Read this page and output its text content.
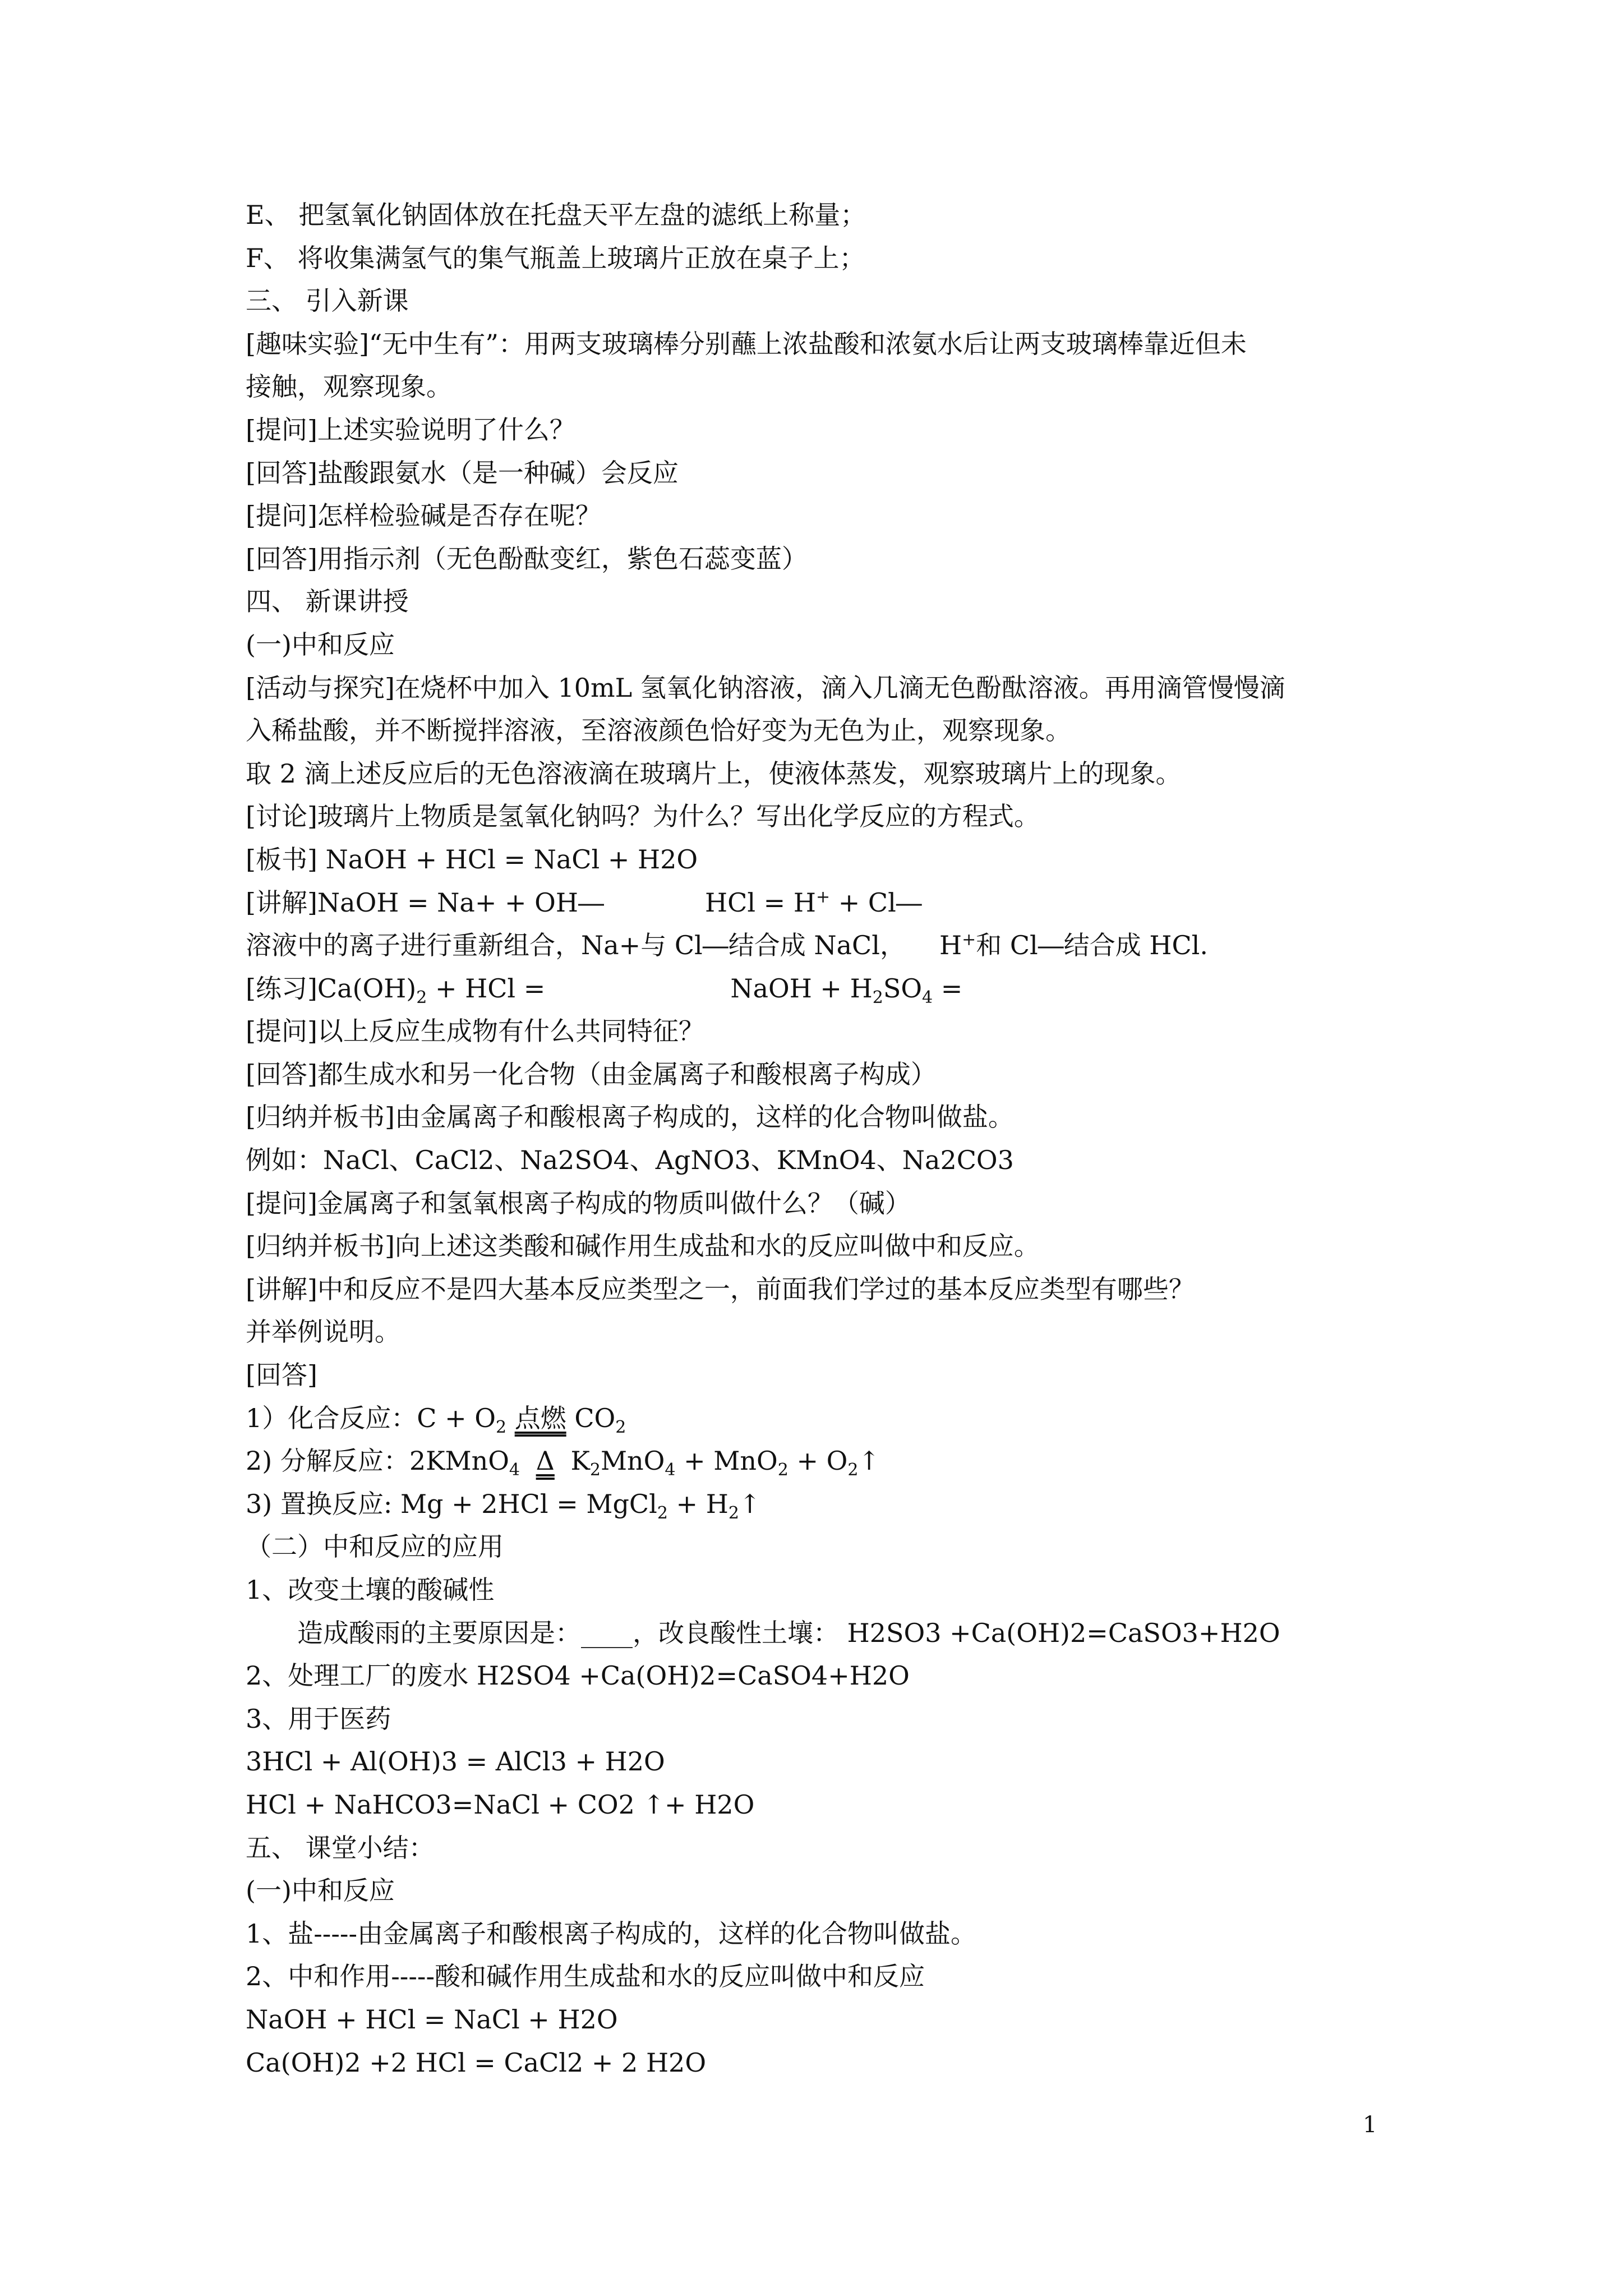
E、 把氢氧化钠固体放在托盘天平左盘的滤纸上称量；
F、 将收集满氢气的集气瓶盖上玻璃片正放在桌子上；
三、 引入新课
[趣味实验]“无中生有”：用两支玻璃棒分别蘸上浓盐酸和浓氨水后让两支玻璃棒靠近但未
接触，观察现象。
[提问]上述实验说明了什么？
[回答]盐酸跟氨水（是一种碱）会反应
[提问]怎样检验碱是否存在呢？
[回答]用指示剂（无色酚酞变红，紫色石蕊变蓝）
四、 新课讲授
(一)中和反应
[活动与探究]在烧杯中加入 10mL 氢氧化钠溶液，滴入几滴无色酚酞溶液。再用滴管慢慢滴
入稀盐酸，并不断搅拌溶液，至溶液颜色恰好变为无色为止，观察现象。
取 2 滴上述反应后的无色溶液滴在玻璃片上，使液体蒸发，观察玻璃片上的现象。
[讨论]玻璃片上物质是氢氧化钠吗？为什么？写出化学反应的方程式。
[板书] NaOH + HCl = NaCl + H2O
[讲解]NaOH = Na+ + OH―	HCl = H+ + Cl―
溶液中的离子进行重新组合，Na+与 Cl―结合成 NaCl， H+和 Cl―结合成 HCl.
[练习]$Ca(OH)_2$ + HCl =	NaOH + $H_2SO_4$ =
[提问]以上反应生成物有什么共同特征？
[回答]都生成水和另一化合物（由金属离子和酸根离子构成）
[归纳并板书]由金属离子和酸根离子构成的，这样的化合物叫做盐。
例如：NaCl、CaCl2、Na2SO4、AgNO3、KMnO4、Na2CO3
[提问]金属离子和氢氧根离子构成的物质叫做什么？（碱）
[归纳并板书]向上述这类酸和碱作用生成盐和水的反应叫做中和反应。
[讲解]中和反应不是四大基本反应类型之一，前面我们学过的基本反应类型有哪些？
并举例说明。
[回答]
1）化合反应：$C + O_2$ 点燃 $CO_2$
2) 分解反应：2KMnO$_4$ Δ $K_2MnO_4 + MnO_2$ + $O_2↑$
3) 置换反应: Mg + 2HCl = MgCl$_2$ + $H_2↑$
（二）中和反应的应用
1、改变土壤的酸碱性
造成酸雨的主要原因是：____，改良酸性土壤： H2SO3 +Ca(OH)2=CaSO3+H2O
2、处理工厂的废水 H2SO4 +Ca(OH)2=CaSO4+H2O
3、用于医药
3HCl + Al(OH)3 = AlCl3 + H2O
HCl + NaHCO3=NaCl + CO2 ↑+ H2O
五、 课堂小结：
(一)中和反应
1、盐-----由金属离子和酸根离子构成的，这样的化合物叫做盐。
2、中和作用-----酸和碱作用生成盐和水的反应叫做中和反应
NaOH + HCl = NaCl + H2O
Ca(OH)2 +2 HCl = CaCl2 + 2 H2O
1
